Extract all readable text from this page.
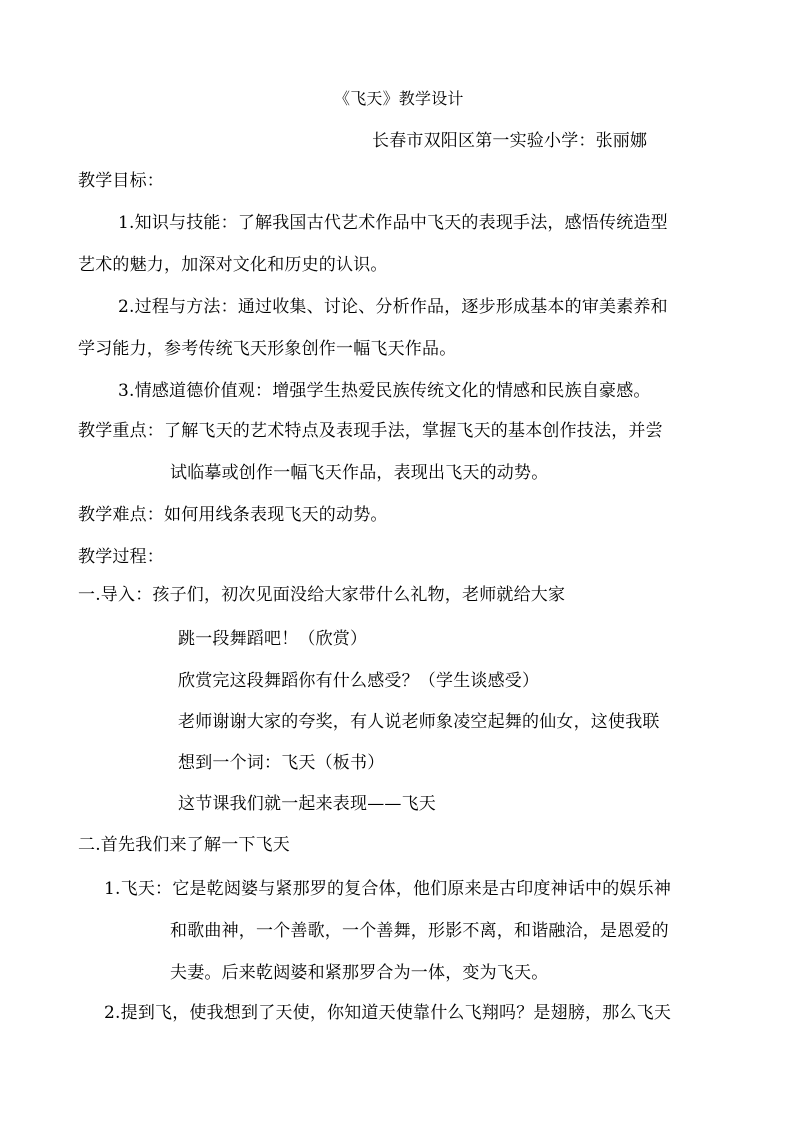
《飞天》教学设计
长春市双阳区第一实验小学：张丽娜
教学目标：
1.知识与技能：了解我国古代艺术作品中飞天的表现手法，感悟传统造型
艺术的魅力，加深对文化和历史的认识。
2.过程与方法：通过收集、讨论、分析作品，逐步形成基本的审美素养和
学习能力，参考传统飞天形象创作一幅飞天作品。
3.情感道德价值观：增强学生热爱民族传统文化的情感和民族自豪感。
教学重点：了解飞天的艺术特点及表现手法，掌握飞天的基本创作技法，并尝
试临摹或创作一幅飞天作品，表现出飞天的动势。
教学难点：如何用线条表现飞天的动势。
教学过程：
一.导入：孩子们，初次见面没给大家带什么礼物，老师就给大家
跳一段舞蹈吧！（欣赏）
欣赏完这段舞蹈你有什么感受？（学生谈感受）
老师谢谢大家的夸奖，有人说老师象凌空起舞的仙女，这使我联
想到一个词：飞天（板书）
这节课我们就一起来表现——飞天
二.首先我们来了解一下飞天
1.飞天：它是乾闼婆与紧那罗的复合体，他们原来是古印度神话中的娱乐神
和歌曲神，一个善歌，一个善舞，形影不离，和谐融洽，是恩爱的
夫妻。后来乾闼婆和紧那罗合为一体，变为飞天。
2.提到飞，使我想到了天使，你知道天使靠什么飞翔吗？是翅膀，那么飞天
